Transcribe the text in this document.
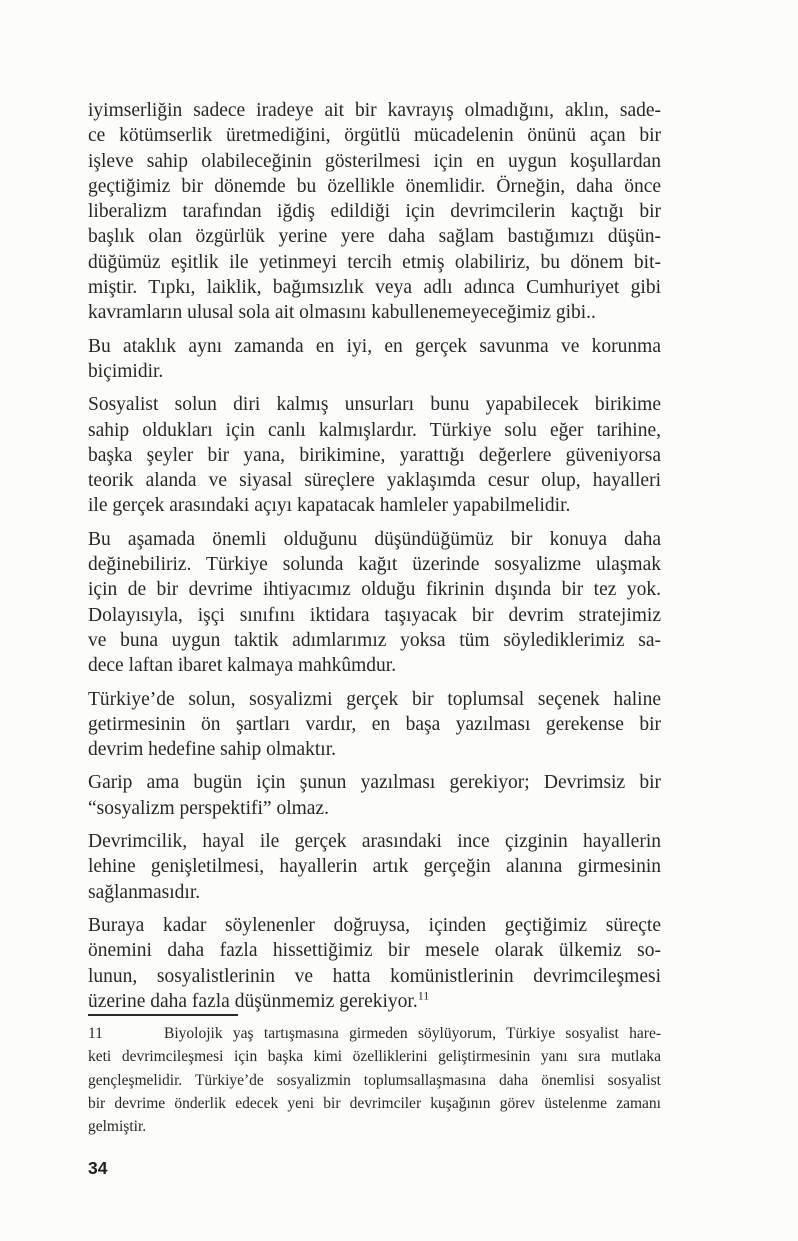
iyimserliğin sadece iradeye ait bir kavrayış olmadığını, aklın, sade-
ce kötümserlik üretmediğini, örgütlü mücadelenin önünü açan bir
işleve sahip olabileceğinin gösterilmesi için en uygun koşullardan
geçtiğimiz bir dönemde bu özellikle önemlidir. Örneğin, daha önce
liberalizm tarafından iğdiş edildiği için devrimcilerin kaçtığı bir
başlık olan özgürlük yerine yere daha sağlam bastığımızı düşün-
düğümüz eşitlik ile yetinmeyi tercih etmiş olabiliriz, bu dönem bit-
miştir. Tıpkı, laiklik, bağımsızlık veya adlı adınca Cumhuriyet gibi
kavramların ulusal sola ait olmasını kabullenemeyeceğimiz gibi..
Bu ataklık aynı zamanda en iyi, en gerçek savunma ve korunma
biçimidir.
Sosyalist solun diri kalmış unsurları bunu yapabilecek birikime
sahip oldukları için canlı kalmışlardır. Türkiye solu eğer tarihine,
başka şeyler bir yana, birikimine, yarattığı değerlere güveniyorsa
teorik alanda ve siyasal süreçlere yaklaşımda cesur olup, hayalleri
ile gerçek arasındaki açıyı kapatacak hamleler yapabilmelidir.
Bu aşamada önemli olduğunu düşündüğümüz bir konuya daha
değinebiliriz. Türkiye solunda kağıt üzerinde sosyalizme ulaşmak
için de bir devrime ihtiyacımız olduğu fikrinin dışında bir tez yok.
Dolayısıyla, işçi sınıfını iktidara taşıyacak bir devrim stratejimiz
ve buna uygun taktik adımlarımız yoksa tüm söylediklerimiz sa-
dece laftan ibaret kalmaya mahkûmdur.
Türkiye’de solun, sosyalizmi gerçek bir toplumsal seçenek haline
getirmesinin ön şartları vardır, en başa yazılması gerekense bir
devrim hedefine sahip olmaktır.
Garip ama bugün için şunun yazılması gerekiyor; Devrimsiz bir
“sosyalizm perspektifi” olmaz.
Devrimcilik, hayal ile gerçek arasındaki ince çizginin hayallerin
lehine genişletilmesi, hayallerin artık gerçeğin alanına girmesinin
sağlanmasıdır.
Buraya kadar söylenenler doğruysa, içinden geçtiğimiz süreçte
önemini daha fazla hissettiğimiz bir mesele olarak ülkemiz so-
lunun, sosyalistlerinin ve hatta komünistlerinin devrimcileşmesi
üzerine daha fazla düşünmemiz gerekiyor.$^{11}$
11	Biyolojik yaş tartışmasına girmeden söylüyorum, Türkiye sosyalist hare-
keti devrimcileşmesi için başka kimi özelliklerini geliştirmesinin yanı sıra mutlaka
gençleşmelidir. Türkiye’de sosyalizmin toplumsallaşmasına daha önemlisi sosyalist
bir devrime önderlik edecek yeni bir devrimciler kuşağının görev üstelenme zamanı
gelmiştir.
34
